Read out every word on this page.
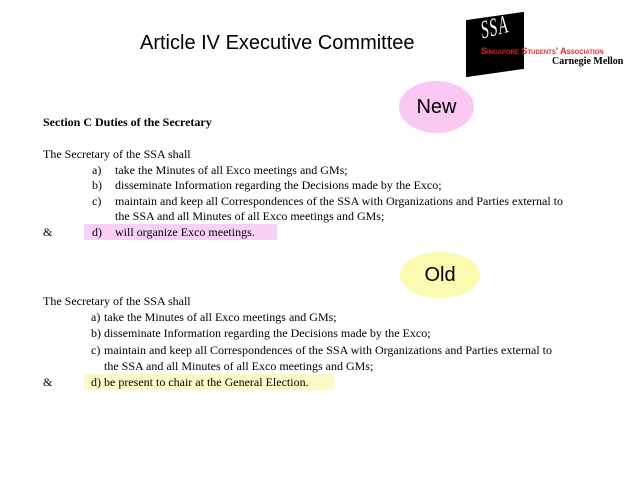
Article IV Executive Committee	SSA
Singapore Students' Association
Carnegie Mellon
New
Old
Section C Duties of the Secretary
The Secretary of the SSA shall
a) take the Minutes of all Exco meetings and GMs;
b) disseminate Information regarding the Decisions made by the Exco;
c) maintain and keep all Correspondences of the SSA with Organizations and Parties external to
the SSA and all Minutes of all Exco meetings and GMs;
&	d) will organize Exco meetings.
The Secretary of the SSA shall
a) take the Minutes of all Exco meetings and GMs;
b) disseminate Information regarding the Decisions made by the Exco;
c) maintain and keep all Correspondences of the SSA with Organizations and Parties external to
the SSA and all Minutes of all Exco meetings and GMs;
&	d) be present to chair at the General Election.
